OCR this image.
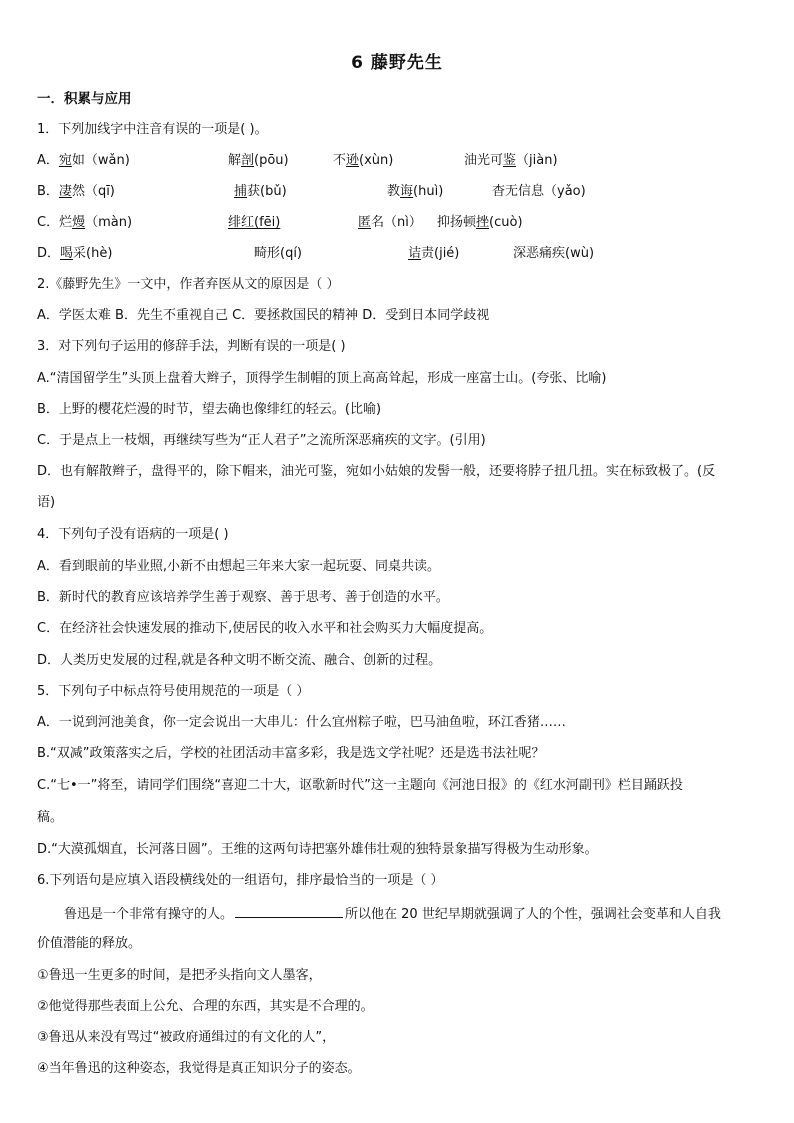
6 藤野先生
一．积累与应用
1．下列加线字中注音有误的一项是( )。
A．宛如（wǎn)	解剖(pōu)	不逊(xùn)	油光可鉴（jiàn)
B．凄然（qī)	捕获(bǔ)	教诲(huì)	杳无信息（yǎo)
C．烂熳（màn)	绯红(fēi)	匿名（nì） 抑扬顿挫(cuò)
D．喝采(hè)	畸形(qí)	诘责(jié)	深恶痛疾(wù)
2.《藤野先生》一文中，作者弃医从文的原因是（ ）
A．学医太难 B．先生不重视自己 C．要拯救国民的精神 D．受到日本同学歧视
3．对下列句子运用的修辞手法，判断有误的一项是( )
A.“清国留学生”头顶上盘着大辫子，顶得学生制帽的顶上高高耸起，形成一座富士山。(夸张、比喻)
B．上野的樱花烂漫的时节，望去确也像绯红的轻云。(比喻)
C．于是点上一枝烟，再继续写些为“正人君子”之流所深恶痛疾的文字。(引用)
D．也有解散辫子，盘得平的，除下帽来，油光可鉴，宛如小姑娘的发髻一般，还要将脖子扭几扭。实在标致极了。(反
语)
4．下列句子没有语病的一项是( )
A．看到眼前的毕业照,小新不由想起三年来大家一起玩耍、同桌共读。
B．新时代的教育应该培养学生善于观察、善于思考、善于创造的水平。
C．在经济社会快速发展的推动下,使居民的收入水平和社会购买力大幅度提高。
D．人类历史发展的过程,就是各种文明不断交流、融合、创新的过程。
5．下列句子中标点符号使用规范的一项是（ ）
A．一说到河池美食，你一定会说出一大串儿：什么宜州粽子啦，巴马油鱼啦，环江香猪……
B.“双减”政策落实之后，学校的社团活动丰富多彩，我是选文学社呢？还是选书法社呢？
C.“七•一”将至，请同学们围绕“喜迎二十大，讴歌新时代”这一主题向《河池日报》的《红水河副刊》栏目踊跃投
稿。
D.“大漠孤烟直，长河落日圆”。王维的这两句诗把塞外雄伟壮观的独特景象描写得极为生动形象。
6.下列语句是应填入语段横线处的一组语句，排序最恰当的一项是（ ）
鲁迅是一个非常有操守的人。	所以他在 20 世纪早期就强调了人的个性，强调社会变革和人自我
价值潜能的释放。
①鲁迅一生更多的时间，是把矛头指向文人墨客，
②他觉得那些表面上公允、合理的东西，其实是不合理的。
③鲁迅从来没有骂过“被政府通缉过的有文化的人”，
④当年鲁迅的这种姿态，我觉得是真正知识分子的姿态。
